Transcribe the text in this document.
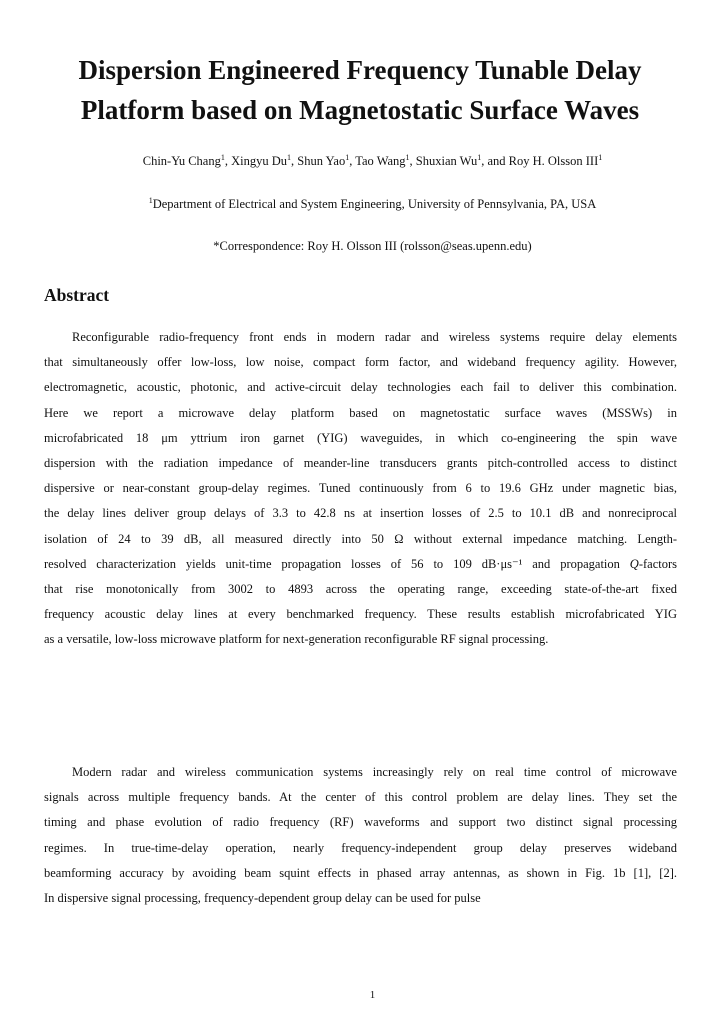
Dispersion Engineered Frequency Tunable Delay
Platform based on Magnetostatic Surface Waves
Chin-Yu Chang$^1$, Xingyu Du$^1$, Shun Yao$^1$, Tao Wang$^1$, Shuxian Wu$^1$, and Roy H. Olsson III$^1$
$^1$Department of Electrical and System Engineering, University of Pennsylvania, PA, USA
*Correspondence: Roy H. Olsson III (rolsson@seas.upenn.edu)
Abstract

Reconfigurable radio-frequency front ends in modern radar and wireless systems require delay elements
that simultaneously offer low-loss, low noise, compact form factor, and wideband frequency agility. However,
electromagnetic, acoustic, photonic, and active-circuit delay technologies each fail to deliver this combination.
Here we report a microwave delay platform based on magnetostatic surface waves (MSSWs) in
microfabricated 18 μm yttrium iron garnet (YIG) waveguides, in which co-engineering the spin wave
dispersion with the radiation impedance of meander-line transducers grants pitch-controlled access to distinct
dispersive or near-constant group-delay regimes. Tuned continuously from 6 to 19.6 GHz under magnetic bias,
the delay lines deliver group delays of 3.3 to 42.8 ns at insertion losses of 2.5 to 10.1 dB and nonreciprocal
isolation of 24 to 39 dB, all measured directly into 50 Ω without external impedance matching. Length-
resolved characterization yields unit-time propagation losses of 56 to 109 dB·μs⁻¹ and propagation Q-factors
that rise monotonically from 3002 to 4893 across the operating range, exceeding state-of-the-art fixed
frequency acoustic delay lines at every benchmarked frequency. These results establish microfabricated YIG
as a versatile, low-loss microwave platform for next-generation reconfigurable RF signal processing.

Modern radar and wireless communication systems increasingly rely on real time control of microwave
signals across multiple frequency bands. At the center of this control problem are delay lines. They set the
timing and phase evolution of radio frequency (RF) waveforms and support two distinct signal processing
regimes. In true-time-delay operation, nearly frequency-independent group delay preserves wideband
beamforming accuracy by avoiding beam squint effects in phased array antennas, as shown in Fig. 1b [1], [2].
In dispersive signal processing, frequency-dependent group delay can be used for pulse

1
